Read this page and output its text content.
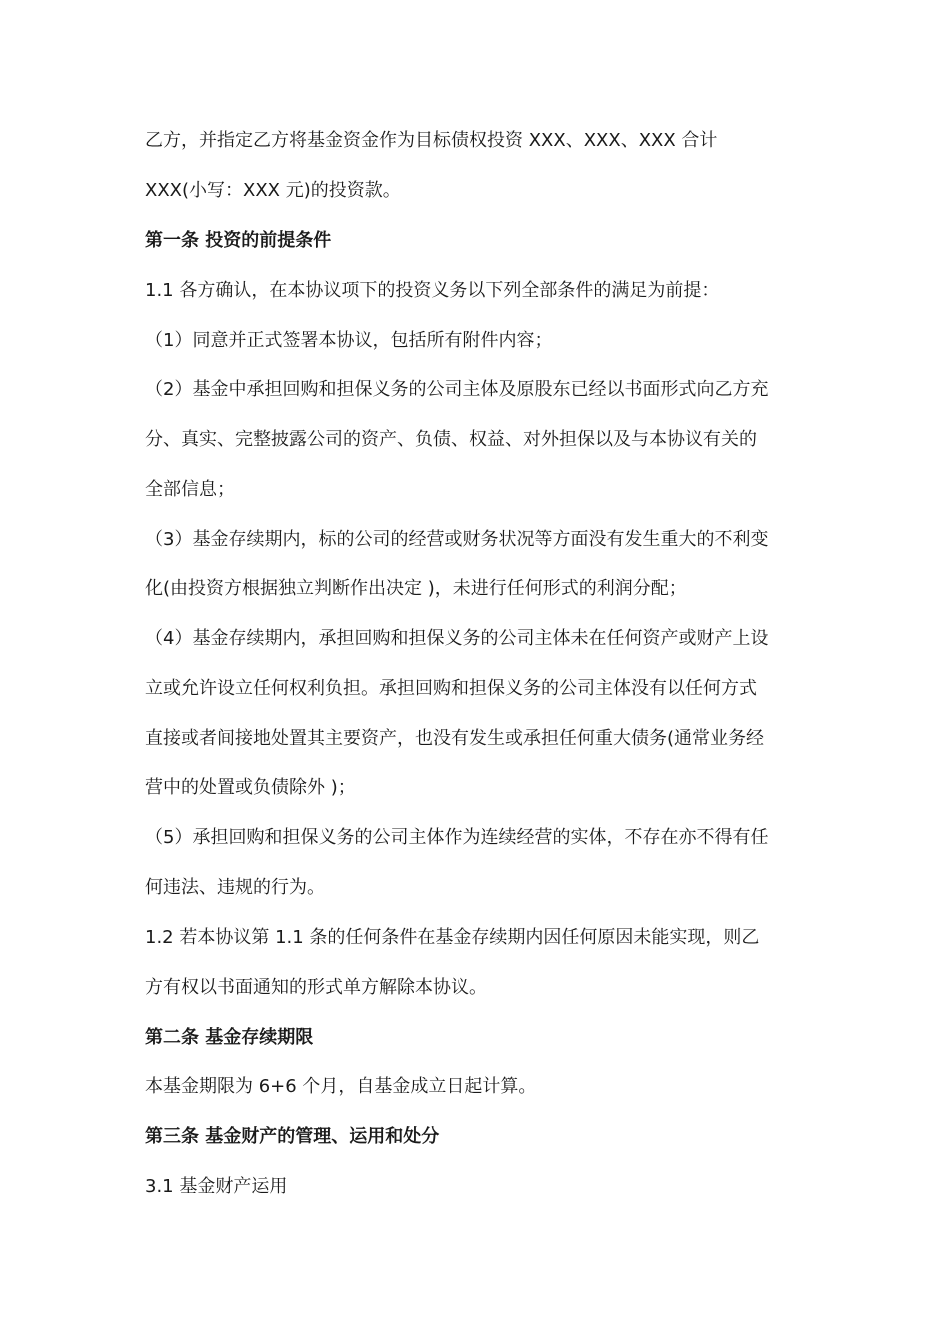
乙方，并指定乙方将基金资金作为目标债权投资 XXX、XXX、XXX 合计
XXX(小写：XXX 元)的投资款。
第一条 投资的前提条件
1.1 各方确认，在本协议项下的投资义务以下列全部条件的满足为前提：
（1）同意并正式签署本协议，包括所有附件内容；
（2）基金中承担回购和担保义务的公司主体及原股东已经以书面形式向乙方充
分、真实、完整披露公司的资产、负债、权益、对外担保以及与本协议有关的
全部信息；
（3）基金存续期内，标的公司的经营或财务状况等方面没有发生重大的不利变
化(由投资方根据独立判断作出决定 )，未进行任何形式的利润分配；
（4）基金存续期内，承担回购和担保义务的公司主体未在任何资产或财产上设
立或允许设立任何权利负担。承担回购和担保义务的公司主体没有以任何方式
直接或者间接地处置其主要资产，也没有发生或承担任何重大债务(通常业务经
营中的处置或负债除外 )；
（5）承担回购和担保义务的公司主体作为连续经营的实体，不存在亦不得有任
何违法、违规的行为。
1.2 若本协议第 1.1 条的任何条件在基金存续期内因任何原因未能实现，则乙
方有权以书面通知的形式单方解除本协议。
第二条 基金存续期限
本基金期限为 6+6 个月，自基金成立日起计算。
第三条 基金财产的管理、运用和处分
3.1 基金财产运用
